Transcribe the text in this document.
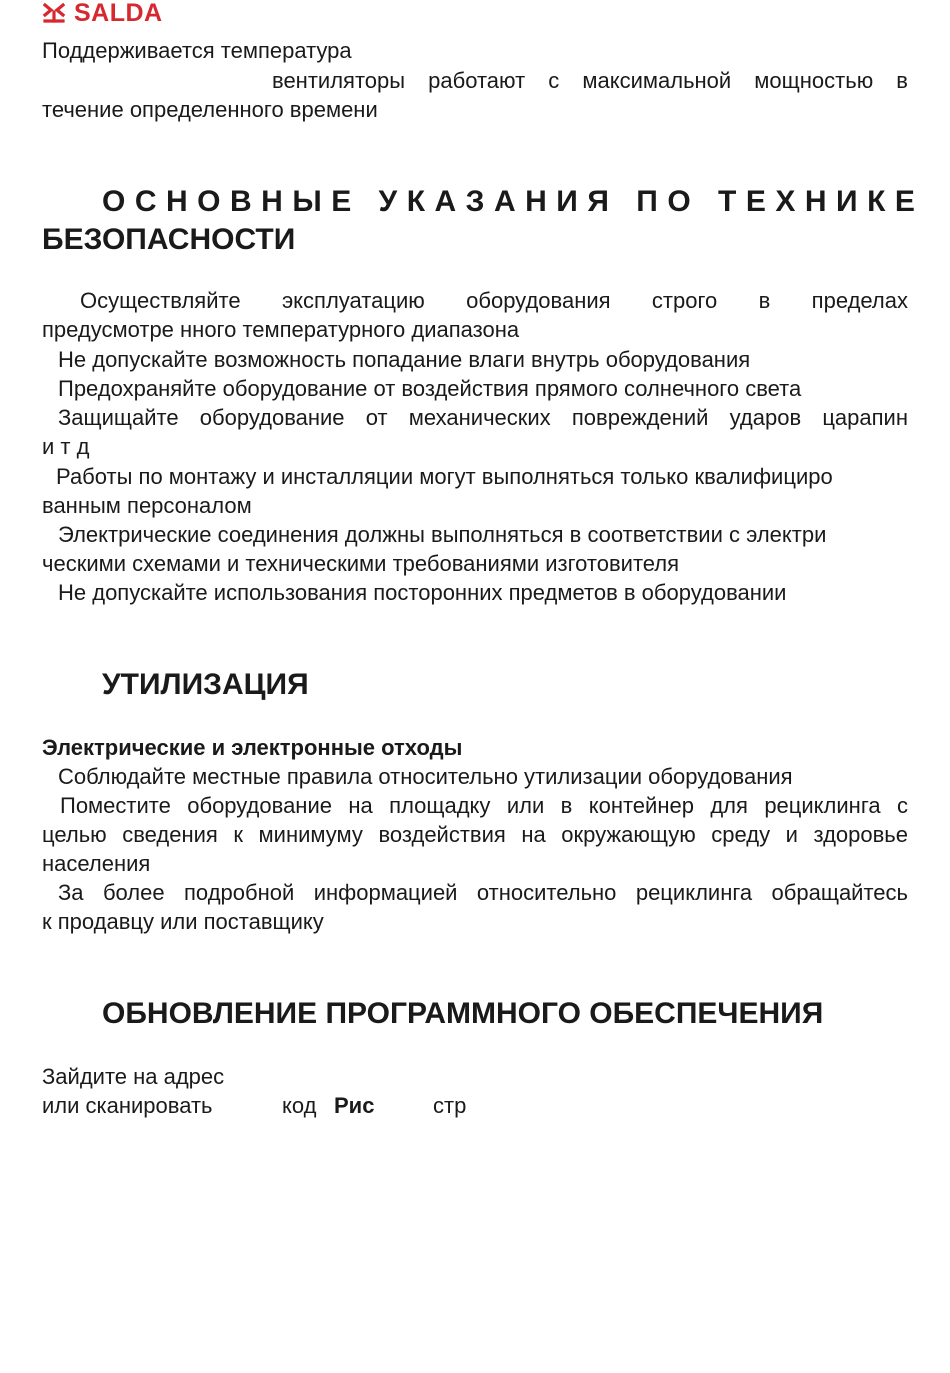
SALDA
Поддерживается температура
вентиляторы работают с максимальной мощностью в
течение определенного времени
ОСНОВНЫЕ УКАЗАНИЯ ПО ТЕХНИКЕ
БЕЗОПАСНОСТИ
Осуществляйте эксплуатацию оборудования строго в пределах
предусмотре нного температурного диапазона
Не допускайте возможность попадание влаги внутрь оборудования
Предохраняйте оборудование от воздействия прямого солнечного света
Защищайте оборудование от механических повреждений ударов царапин
и т д
Работы по монтажу и инсталляции могут выполняться только квалифициро
ванным персоналом
Электрические соединения должны выполняться в соответствии с электри
ческими схемами и техническими требованиями изготовителя
Не допускайте использования посторонних предметов в оборудовании
УТИЛИЗАЦИЯ
Электрические и электронные отходы
Соблюдайте местные правила относительно утилизации оборудования
Поместите оборудование на площадку или в контейнер для рециклинга с
целью сведения к минимуму воздействия на окружающую среду и здоровье
населения
За более подробной информацией относительно рециклинга обращайтесь
к продавцу или поставщику
ОБНОВЛЕНИЕ ПРОГРАММНОГО ОБЕСПЕЧЕНИЯ
Зайдите на адрес
или сканировать	код Рис	стр
